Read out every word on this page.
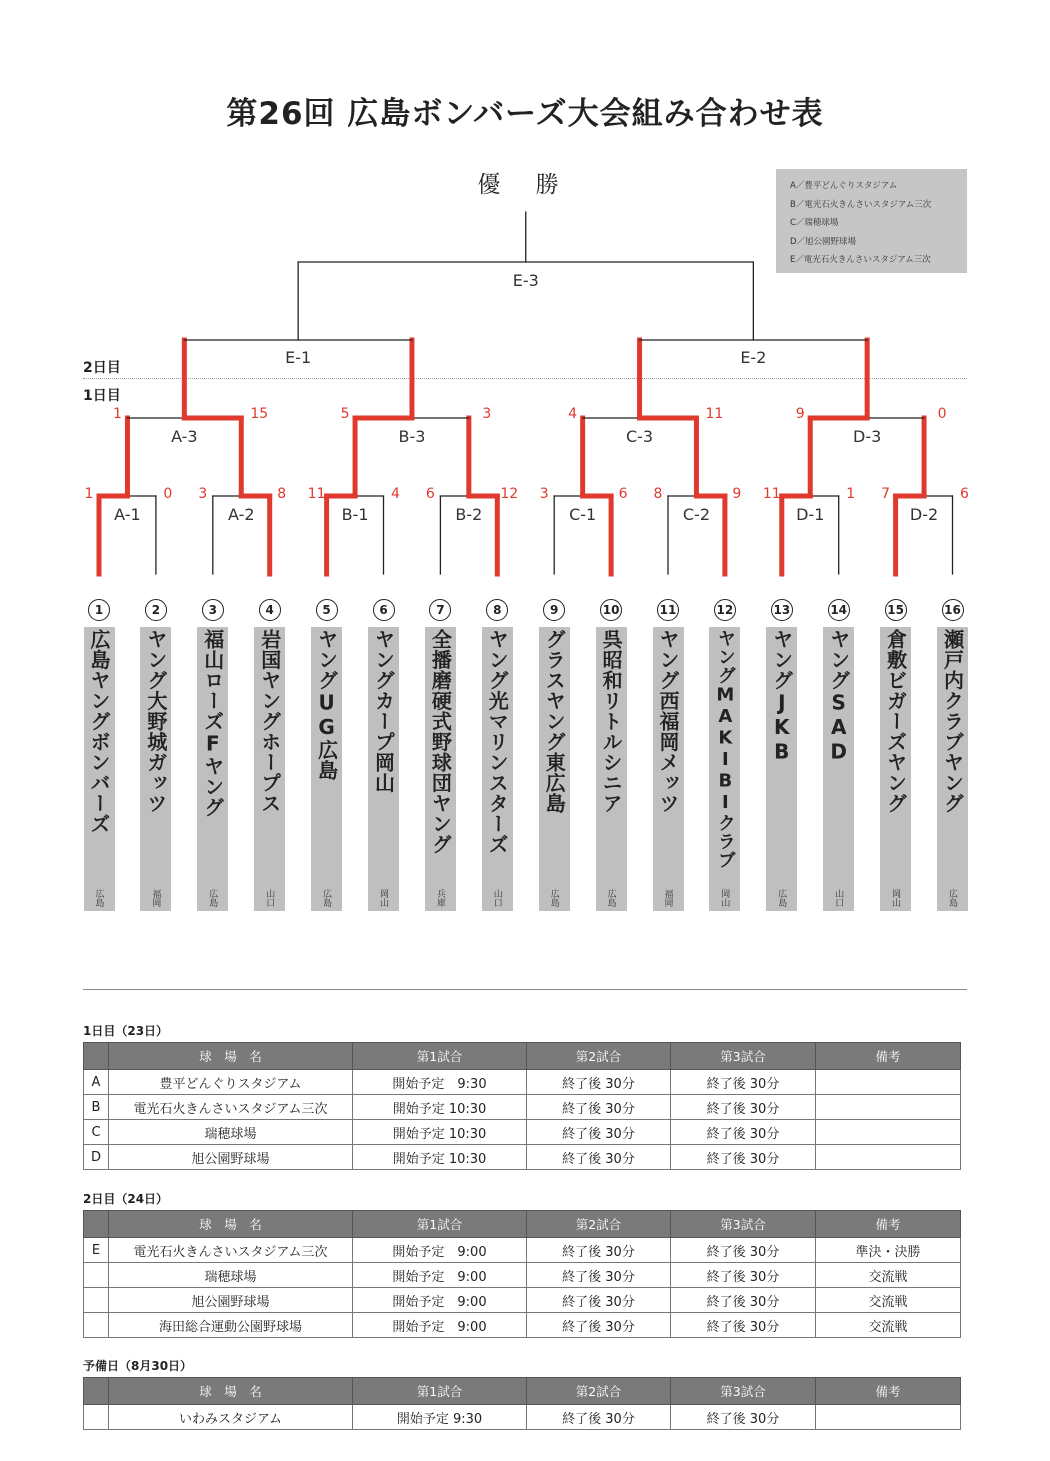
第26回 広島ボンバーズ大会組み合わせ表
優 勝	A／豊平どんぐりスタジアム
B／電光石火きんさいスタジアム三次
C／瑞穂球場
D／旭公園野球場
E／電光石火きんさいスタジアム三次
2日目
1日目
A-1
1	0
A-2
3	8
B-1
11	4
B-2
6	12
C-1
3	6
C-2
8	9
D-1
11	1
D-2
7	6
A-3
1	15
B-3
5	3
C-3
4	11
D-3
9	0
E-1	E-2
E-3
1
広島ヤングボンバーズ
広島
2
ヤング大野城ガッツ
福岡
3
福山ローズFヤング
広島
4
岩国ヤングホープス
山口
5
ヤングUG広島
広島
6
ヤングカープ岡山
岡山
7
全播磨硬式野球団ヤング
兵庫
8
ヤング光マリンスターズ
山口
9
グラスヤング東広島
広島
10
呉昭和リトルシニア
広島
11
ヤング西福岡メッツ
福岡
12
ヤングMAKIBIクラブ
岡山
13
ヤングJKB
広島
14
ヤングSAD
山口
15
倉敷ビガーズヤング
岡山
16
瀬戸内クラブヤング
広島
1日目（23日）
	球　場　名	第1試合	第2試合	第3試合	備考
A	豊平どんぐりスタジアム	開始予定　9:30	終了後 30分	終了後 30分	
B	電光石火きんさいスタジアム三次	開始予定 10:30	終了後 30分	終了後 30分	
C	瑞穂球場	開始予定 10:30	終了後 30分	終了後 30分	
D	旭公園野球場	開始予定 10:30	終了後 30分	終了後 30分	
2日目（24日）
	球　場　名	第1試合	第2試合	第3試合	備考
E	電光石火きんさいスタジアム三次	開始予定　9:00	終了後 30分	終了後 30分	準決・決勝
	瑞穂球場	開始予定　9:00	終了後 30分	終了後 30分	交流戦
	旭公園野球場	開始予定　9:00	終了後 30分	終了後 30分	交流戦
	海田総合運動公園野球場	開始予定　9:00	終了後 30分	終了後 30分	交流戦
予備日（8月30日）
	球　場　名	第1試合	第2試合	第3試合	備考
	いわみスタジアム	開始予定 9:30	終了後 30分	終了後 30分	
